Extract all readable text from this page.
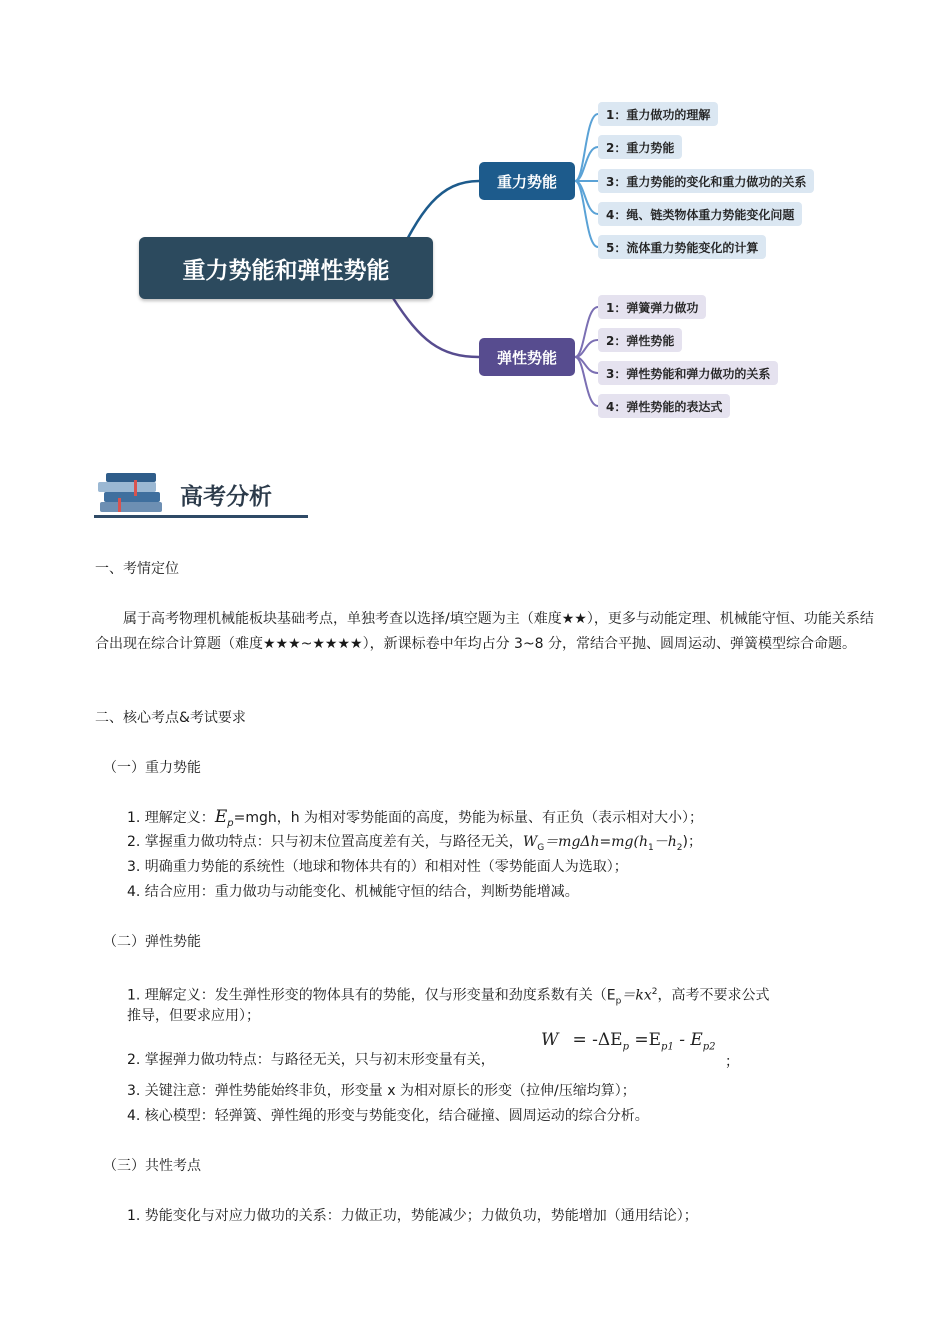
重力势能和弹性势能
重力势能
弹性势能
1：重力做功的理解
2：重力势能
3：重力势能的变化和重力做功的关系
4：绳、链类物体重力势能变化问题
5：流体重力势能变化的计算
1：弹簧弹力做功
2：弹性势能
3：弹性势能和弹力做功的关系
4：弹性势能的表达式
高考分析
一、考情定位
属于高考物理机械能板块基础考点，单独考查以选择/填空题为主（难度★★），更多与动能定理、机械能守恒、功能关系结合出现在综合计算题（难度★★★~★★★★），新课标卷中年均占分 3~8 分，常结合平抛、圆周运动、弹簧模型综合命题。
二、核心考点&考试要求
（一）重力势能
1. 理解定义：$E_p=mgh$，h 为相对零势能面的高度，势能为标量、有正负（表示相对大小）；
2. 掌握重力做功特点：只与初末位置高度差有关，与路径无关，$W_G=mg\Delta h=mg(h_1-h_2)$；
3. 明确重力势能的系统性（地球和物体共有的）和相对性（零势能面人为选取）；
4. 结合应用：重力做功与动能变化、机械能守恒的结合，判断势能增减。
（二）弹性势能
1. 理解定义：发生弹性形变的物体具有的势能，仅与形变量和劲度系数有关（$E_p=kx^2$，高考不要求公式
推导，但要求应用）；
2. 掌握弹力做功特点：与路径无关，只与初末形变量有关，
$W = -\Delta E_p =E_{p1} - E_{p2}$
；
3. 关键注意：弹性势能始终非负，形变量 x 为相对原长的形变（拉伸/压缩均算）；
4. 核心模型：轻弹簧、弹性绳的形变与势能变化，结合碰撞、圆周运动的综合分析。
（三）共性考点
1. 势能变化与对应力做功的关系：力做正功，势能减少；力做负功，势能增加（通用结论）；
